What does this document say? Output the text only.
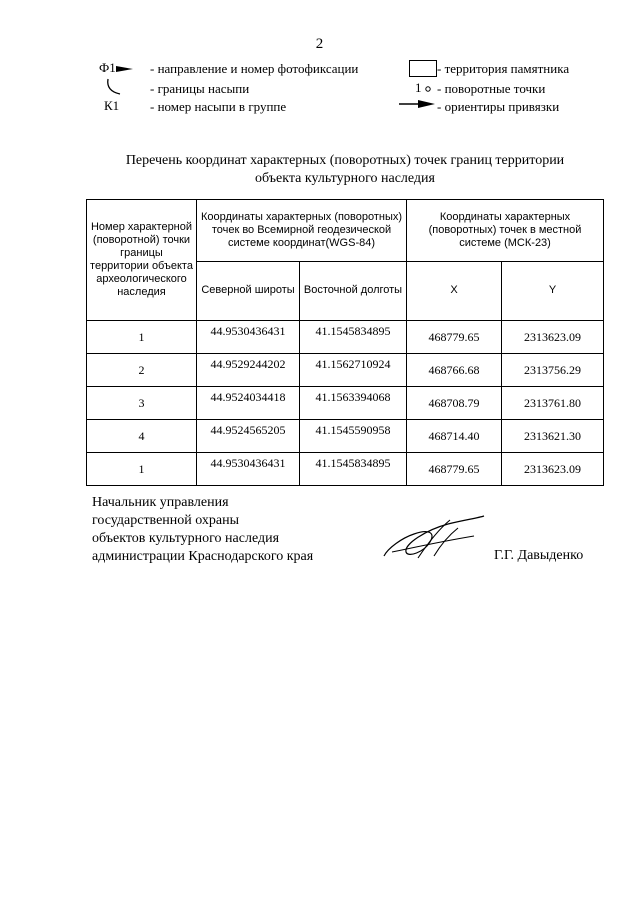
2
Ф1	- направление и номер фотофиксации
- границы насыпи
К1 - номер насыпи в группе
- территория памятника
1	- поворотные точки
- ориентиры привязки
Перечень координат характерных (поворотных) точек границ территории
объекта культурного наследия
Номер характерной (поворотной) точки границы территории объекта археологического наследия	Координаты характерных (поворотных) точек во Всемирной геодезической системе координат(WGS-84)		Координаты характерных (поворотных) точек в местной системе (МСК-23)	
	Северной широты	Восточной долготы	X	Y
1	44.9530436431	41.1545834895	468779.65	2313623.09
2	44.9529244202	41.1562710924	468766.68	2313756.29
3	44.9524034418	41.1563394068	468708.79	2313761.80
4	44.9524565205	41.1545590958	468714.40	2313621.30
1	44.9530436431	41.1545834895	468779.65	2313623.09
Начальник управления
государственной охраны
объектов культурного наследия
администрации Краснодарского края	Г.Г. Давыденко
